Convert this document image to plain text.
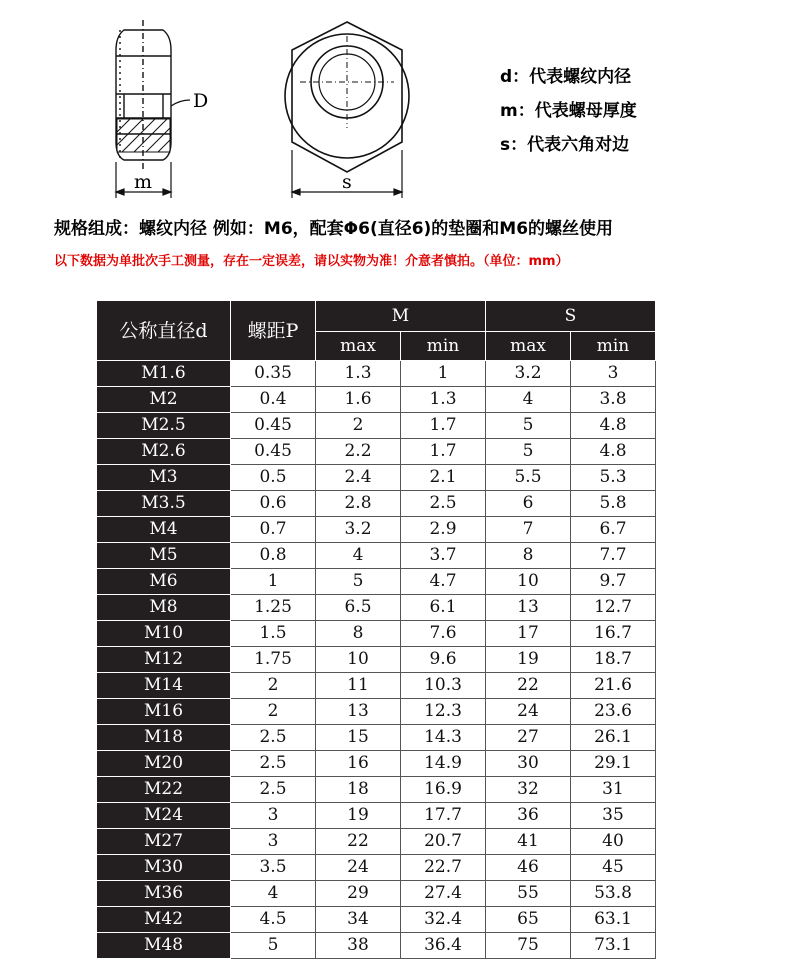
D
m	s
d：代表螺纹内径
m：代表螺母厚度
s：代表六角对边
规格组成：螺纹内径 例如：M6，配套Φ6(直径6)的垫圈和M6的螺丝使用
以下数据为单批次手工测量，存在一定误差，请以实物为准！介意者慎拍。（单位：mm）
公称直径d	螺距P	M		S	
		max	min	max	min
M1.6	0.35	1.3	1	3.2	3
M2	0.4	1.6	1.3	4	3.8
M2.5	0.45	2	1.7	5	4.8
M2.6	0.45	2.2	1.7	5	4.8
M3	0.5	2.4	2.1	5.5	5.3
M3.5	0.6	2.8	2.5	6	5.8
M4	0.7	3.2	2.9	7	6.7
M5	0.8	4	3.7	8	7.7
M6	1	5	4.7	10	9.7
M8	1.25	6.5	6.1	13	12.7
M10	1.5	8	7.6	17	16.7
M12	1.75	10	9.6	19	18.7
M14	2	11	10.3	22	21.6
M16	2	13	12.3	24	23.6
M18	2.5	15	14.3	27	26.1
M20	2.5	16	14.9	30	29.1
M22	2.5	18	16.9	32	31
M24	3	19	17.7	36	35
M27	3	22	20.7	41	40
M30	3.5	24	22.7	46	45
M36	4	29	27.4	55	53.8
M42	4.5	34	32.4	65	63.1
M48	5	38	36.4	75	73.1
